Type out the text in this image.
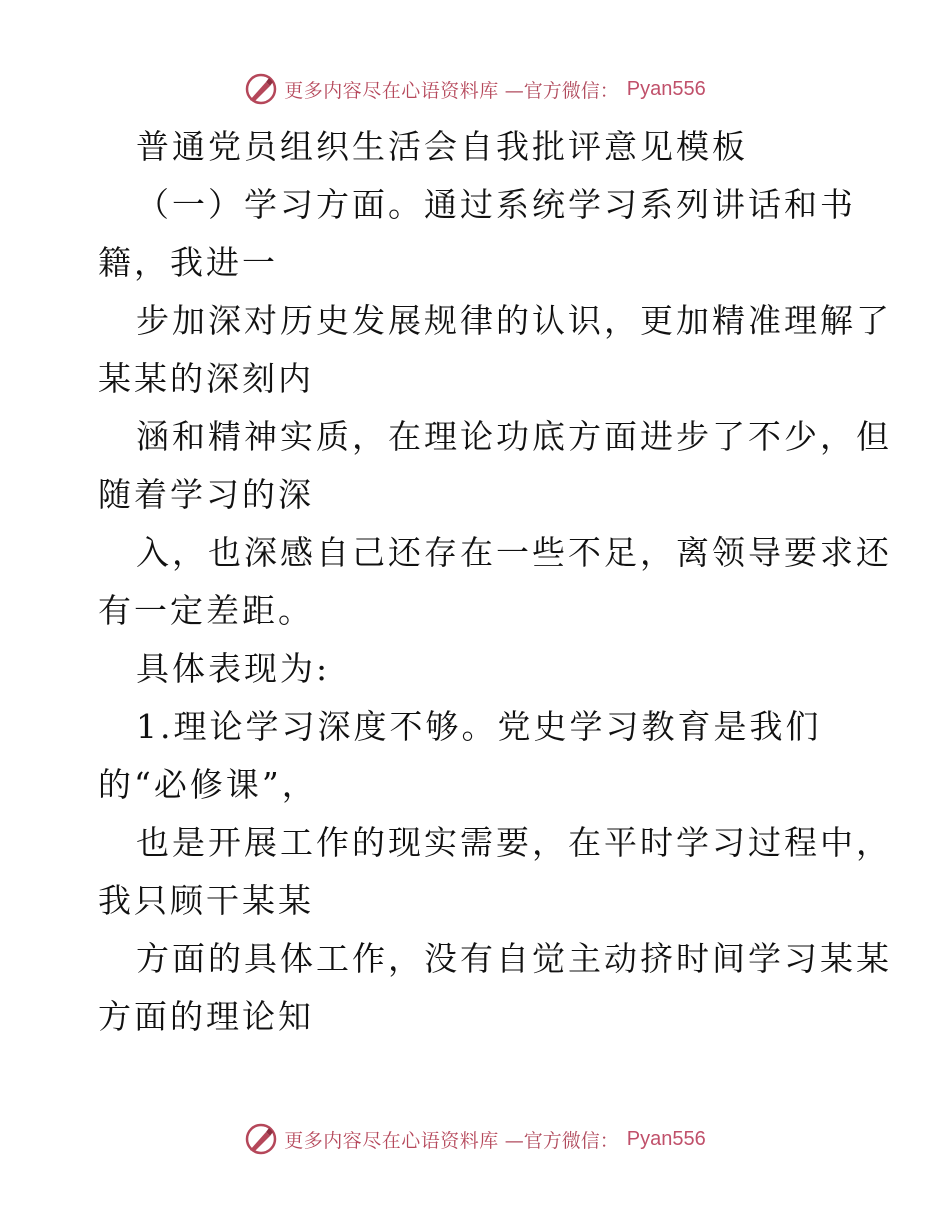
更多内容尽在心语资料库 —官方微信： Pyan556
普通党员组织生活会自我批评意见模板
（一）学习方面。通过系统学习系列讲话和书
籍，我进一
步加深对历史发展规律的认识，更加精准理解了
某某的深刻内
涵和精神实质，在理论功底方面进步了不少，但
随着学习的深
入，也深感自己还存在一些不足，离领导要求还
有一定差距。
具体表现为:
1.理论学习深度不够。党史学习教育是我们
的“必修课”，
也是开展工作的现实需要，在平时学习过程中，
我只顾干某某
方面的具体工作，没有自觉主动挤时间学习某某
方面的理论知
更多内容尽在心语资料库 —官方微信： Pyan556
